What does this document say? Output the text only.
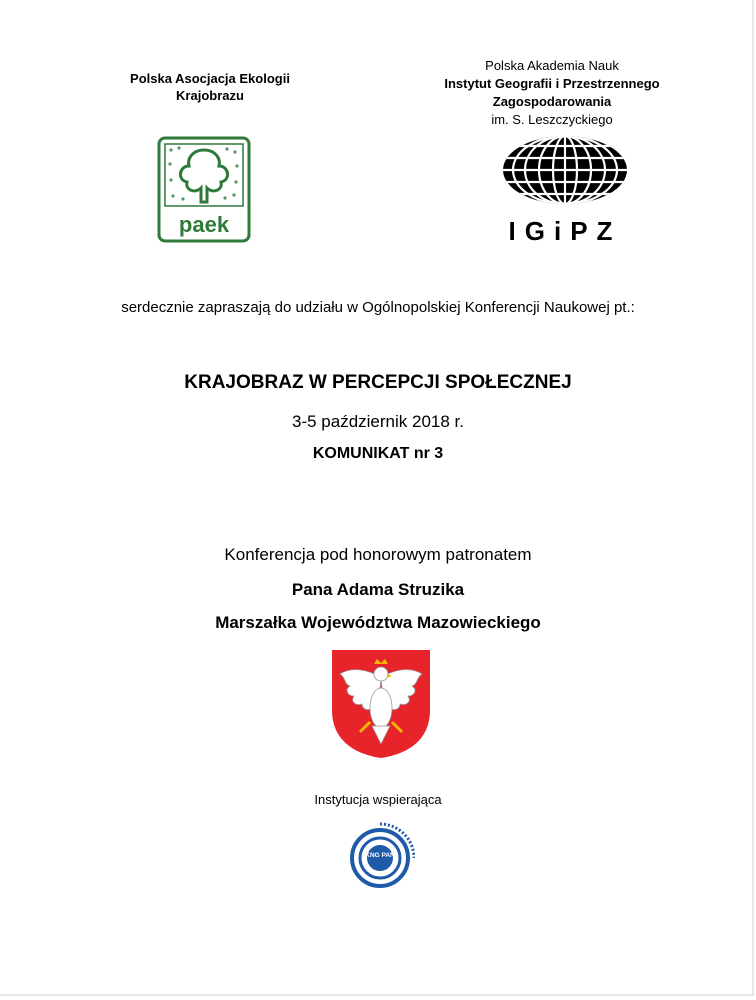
Polska Asocjacja Ekologii
Krajobrazu
paek
Polska Akademia Nauk
Instytut Geografii i Przestrzennego
Zagospodarowania
im. S. Leszczyckiego
IGiPZ
serdecznie zapraszają do udziału w Ogólnopolskiej Konferencji Naukowej pt.:
KRAJOBRAZ W PERCEPCJI SPOŁECZNEJ
3-5 październik 2018 r.
KOMUNIKAT nr 3
Konferencja pod honorowym patronatem
Pana Adama Struzika
Marszałka Województwa Mazowieckiego
Instytucja wspierająca
KNG PAN
